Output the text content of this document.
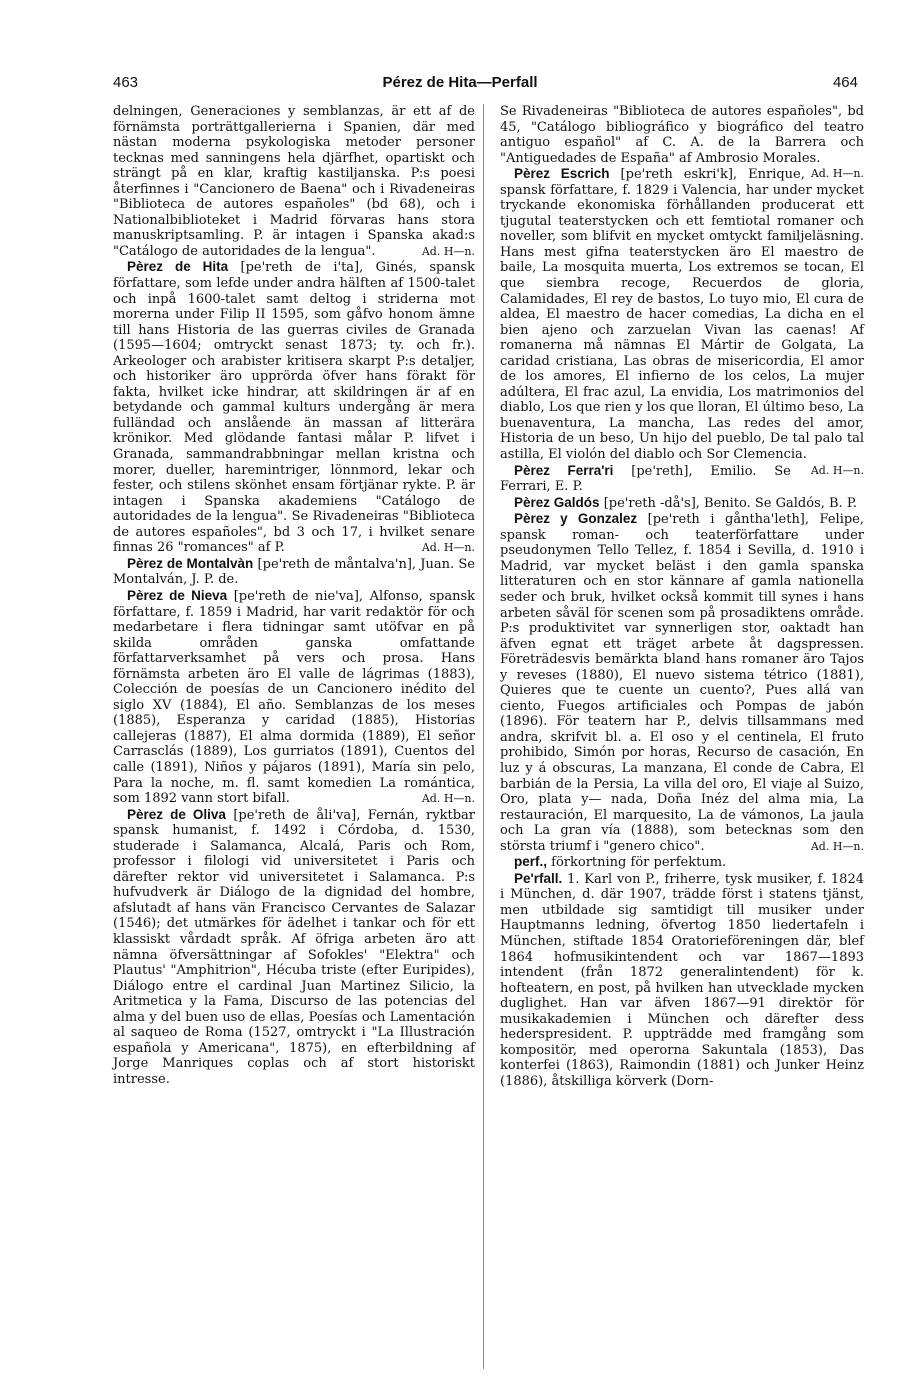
463	Pérez de Hita—Perfall	464

delningen, Generaciones y semblanzas, är ett af de förnämsta porträttgallerierna i Spanien, där med nästan moderna psykologiska metoder personer tecknas med sanningens hela djärfhet, opartiskt och strängt på en klar, kraftig kastiljanska. P:s poesi återfinnes i "Cancionero de Baena" och i Rivadeneiras "Biblioteca de autores españoles" (bd 68), och i Nationalbiblioteket i Madrid förvaras hans stora manuskriptsamling. P. är intagen i Spanska akad:s "Catálogo de autoridades de la lengua".	Ad. H—n.

Pèrez de Hita [pe'reth de i'ta], Ginés, spansk författare, som lefde under andra hälften af 1500-talet och inpå 1600-talet samt deltog i striderna mot morerna under Filip II 1595, som gåfvo honom ämne till hans Historia de las guerras civiles de Granada (1595—1604; omtryckt senast 1873; ty. och fr.). Arkeologer och arabister kritisera skarpt P:s detaljer, och historiker äro upprörda öfver hans förakt för fakta, hvilket icke hindrar, att skildringen är af en betydande och gammal kulturs undergång är mera fulländad och anslående än massan af litterära krönikor. Med glödande fantasi målar P. lifvet i Granada, sammandrabbningar mellan kristna och morer, dueller, haremintriger, lönnmord, lekar och fester, och stilens skönhet ensam förtjänar rykte. P. är intagen i Spanska akademiens "Catálogo de autoridades de la lengua". Se Rivadeneiras "Biblioteca de autores españoles", bd 3 och 17, i hvilket senare finnas 26 "romances" af P.	Ad. H—n.

Pèrez de Montalvàn [pe'reth de måntalva'n], Juan. Se Montalván, J. P. de.

Pèrez de Nieva [pe'reth de nie'va], Alfonso, spansk författare, f. 1859 i Madrid, har varit redaktör för och medarbetare i flera tidningar samt utöfvar en på skilda områden ganska omfattande författarverksamhet på vers och prosa. Hans förnämsta arbeten äro El valle de lágrimas (1883), Colección de poesías de un Cancionero inédito del siglo XV (1884), El año. Semblanzas de los meses (1885), Esperanza y caridad (1885), Historias callejeras (1887), El alma dormida (1889), El señor Carrasclás (1889), Los gurriatos (1891), Cuentos del calle (1891), Niños y pájaros (1891), María sin pelo, Para la noche, m. fl. samt komedien La romántica, som 1892 vann stort bifall.	Ad. H—n.

Pèrez de Oliva [pe'reth de åli'va], Fernán, ryktbar spansk humanist, f. 1492 i Córdoba, d. 1530, studerade i Salamanca, Alcalá, Paris och Rom, professor i filologi vid universitetet i Paris och därefter rektor vid universitetet i Salamanca. P:s hufvudverk är Diálogo de la dignidad del hombre, afslutadt af hans vän Francisco Cervantes de Salazar (1546); det utmärkes för ädelhet i tankar och för ett klassiskt vårdadt språk. Af öfriga arbeten äro att nämna öfversättningar af Sofokles' "Elektra" och Plautus' "Amphitrion", Hécuba triste (efter Euripides), Diálogo entre el cardinal Juan Martinez Silicio, la Aritmetica y la Fama, Discurso de las potencias del alma y del buen uso de ellas, Poesías och Lamentación al saqueo de Roma (1527, omtryckt i "La Illustración española y Americana", 1875), en efterbildning af Jorge Manriques coplas och af stort historiskt intresse.

Se Rivadeneiras "Biblioteca de autores españoles", bd 45, "Catálogo bibliográfico y biográfico del teatro antiguo español" af C. A. de la Barrera och "Antiguedades de España" af Ambrosio Morales.
Ad. H—n.

Pèrez Escrich [pe'reth eskri'k], Enrique, spansk författare, f. 1829 i Valencia, har under mycket tryckande ekonomiska förhållanden producerat ett tjugutal teaterstycken och ett femtiotal romaner och noveller, som blifvit en mycket omtyckt familjeläsning. Hans mest gifna teaterstycken äro El maestro de baile, La mosquita muerta, Los extremos se tocan, El que siembra recoge, Recuerdos de gloria, Calamidades, El rey de bastos, Lo tuyo mio, El cura de aldea, El maestro de hacer comedias, La dicha en el bien ajeno och zarzuelan Vivan las caenas! Af romanerna må nämnas El Mártir de Golgata, La caridad cristiana, Las obras de misericordia, El amor de los amores, El infierno de los celos, La mujer adúltera, El frac azul, La envidia, Los matrimonios del diablo, Los que rien y los que lloran, El último beso, La buenaventura, La mancha, Las redes del amor, Historia de un beso, Un hijo del pueblo, De tal palo tal astilla, El violón del diablo och Sor Clemencia.
Ad. H—n.

Pèrez Ferra'ri [pe'reth], Emilio. Se Ferrari, E. P.

Pèrez Galdós [pe'reth -då's], Benito. Se Galdós, B. P.

Pèrez y Gonzalez [pe'reth i gåntha'leth], Felipe, spansk roman- och teaterförfattare under pseudonymen Tello Tellez, f. 1854 i Sevilla, d. 1910 i Madrid, var mycket beläst i den gamla spanska litteraturen och en stor kännare af gamla nationella seder och bruk, hvilket också kommit till synes i hans arbeten såväl för scenen som på prosadiktens område. P:s produktivitet var synnerligen stor, oaktadt han äfven egnat ett träget arbete åt dagspressen. Företrädesvis bemärkta bland hans romaner äro Tajos y reveses (1880), El nuevo sistema tétrico (1881), Quieres que te cuente un cuento?, Pues allá van ciento, Fuegos artificiales och Pompas de jabón (1896). För teatern har P., delvis tillsammans med andra, skrifvit bl. a. El oso y el centinela, El fruto prohibido, Simón por horas, Recurso de casación, En luz y á obscuras, La manzana, El conde de Cabra, El barbián de la Persia, La villa del oro, El viaje al Suizo, Oro, plata y— nada, Doña Inéz del alma mia, La restauración, El marquesito, La de vámonos, La jaula och La gran vía (1888), som betecknas som den största triumf i "genero chico".	Ad. H—n.

perf., förkortning för perfektum.

Pe'rfall. 1. Karl von P., friherre, tysk musiker, f. 1824 i München, d. där 1907, trädde först i statens tjänst, men utbildade sig samtidigt till musiker under Hauptmanns ledning, öfvertog 1850 liedertafeln i München, stiftade 1854 Oratorieföreningen där, blef 1864 hofmusikintendent och var 1867—1893 intendent (från 1872 generalintendent) för k. hofteatern, en post, på hvilken han utvecklade mycken duglighet. Han var äfven 1867—91 direktör för musikakademien i München och därefter dess hederspresident. P. uppträdde med framgång som kompositör, med operorna Sakuntala (1853), Das konterfei (1863), Raimondin (1881) och Junker Heinz (1886), åtskilliga körverk (Dorn-
